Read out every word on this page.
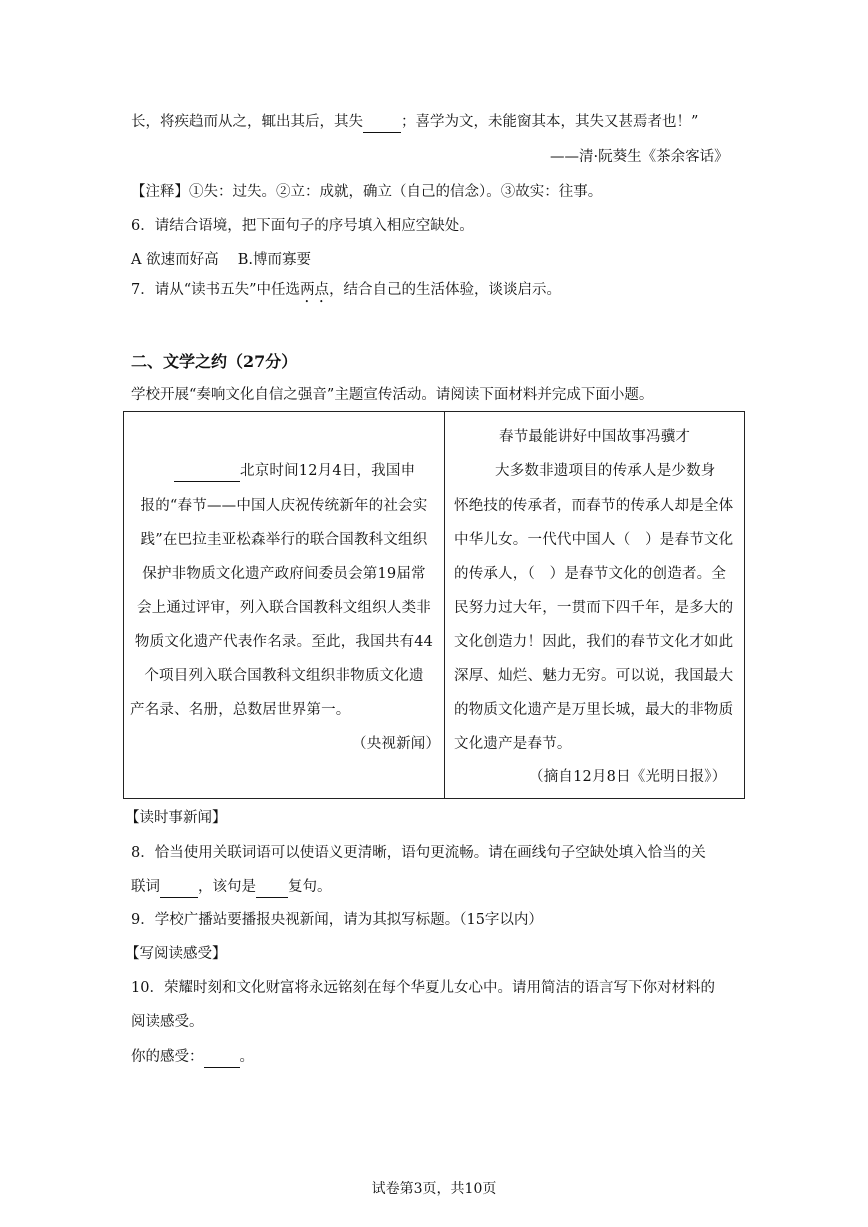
长，将疾趋而从之，辄出其后，其失	；喜学为文，未能窗其本，其失又甚焉者也！”
——清·阮葵生《茶余客话》
【注释】①失：过失。②立：成就，确立（自己的信念）。③故实：往事。
6．请结合语境，把下面句子的序号填入相应空缺处。
A 欲速而好高　 B.博而寡要
7．请从“读书五失”中任选两点，结合自己的生活体验，谈谈启示。
二、文学之约（27分）
学校开展“奏响文化自信之强音”主题宣传活动。请阅读下面材料并完成下面小题。
北京时间12月4日，我国申
报的“春节——中国人庆祝传统新年的社会实
践”在巴拉圭亚松森举行的联合国教科文组织
保护非物质文化遗产政府间委员会第19届常
会上通过评审，列入联合国教科文组织人类非
物质文化遗产代表作名录。至此，我国共有44
个项目列入联合国教科文组织非物质文化遗
产名录、名册，总数居世界第一。
（央视新闻）
春节最能讲好中国故事冯骥才
大多数非遗项目的传承人是少数身
怀绝技的传承者，而春节的传承人却是全体
中华儿女。一代代中国人（　）是春节文化
的传承人，（　）是春节文化的创造者。全
民努力过大年，一贯而下四千年，是多大的
文化创造力！因此，我们的春节文化才如此
深厚、灿烂、魅力无穷。可以说，我国最大
的物质文化遗产是万里长城，最大的非物质
文化遗产是春节。
（摘自12月8日《光明日报》）
【读时事新闻】
8．恰当使用关联词语可以使语义更清晰，语句更流畅。请在画线句子空缺处填入恰当的关
联词	，该句是 复句。
9．学校广播站要播报央视新闻，请为其拟写标题。（15字以内）
【写阅读感受】
10．荣耀时刻和文化财富将永远铭刻在每个华夏儿女心中。请用简洁的语言写下你对材料的
阅读感受。
你的感受： 。
试卷第3页，共10页
